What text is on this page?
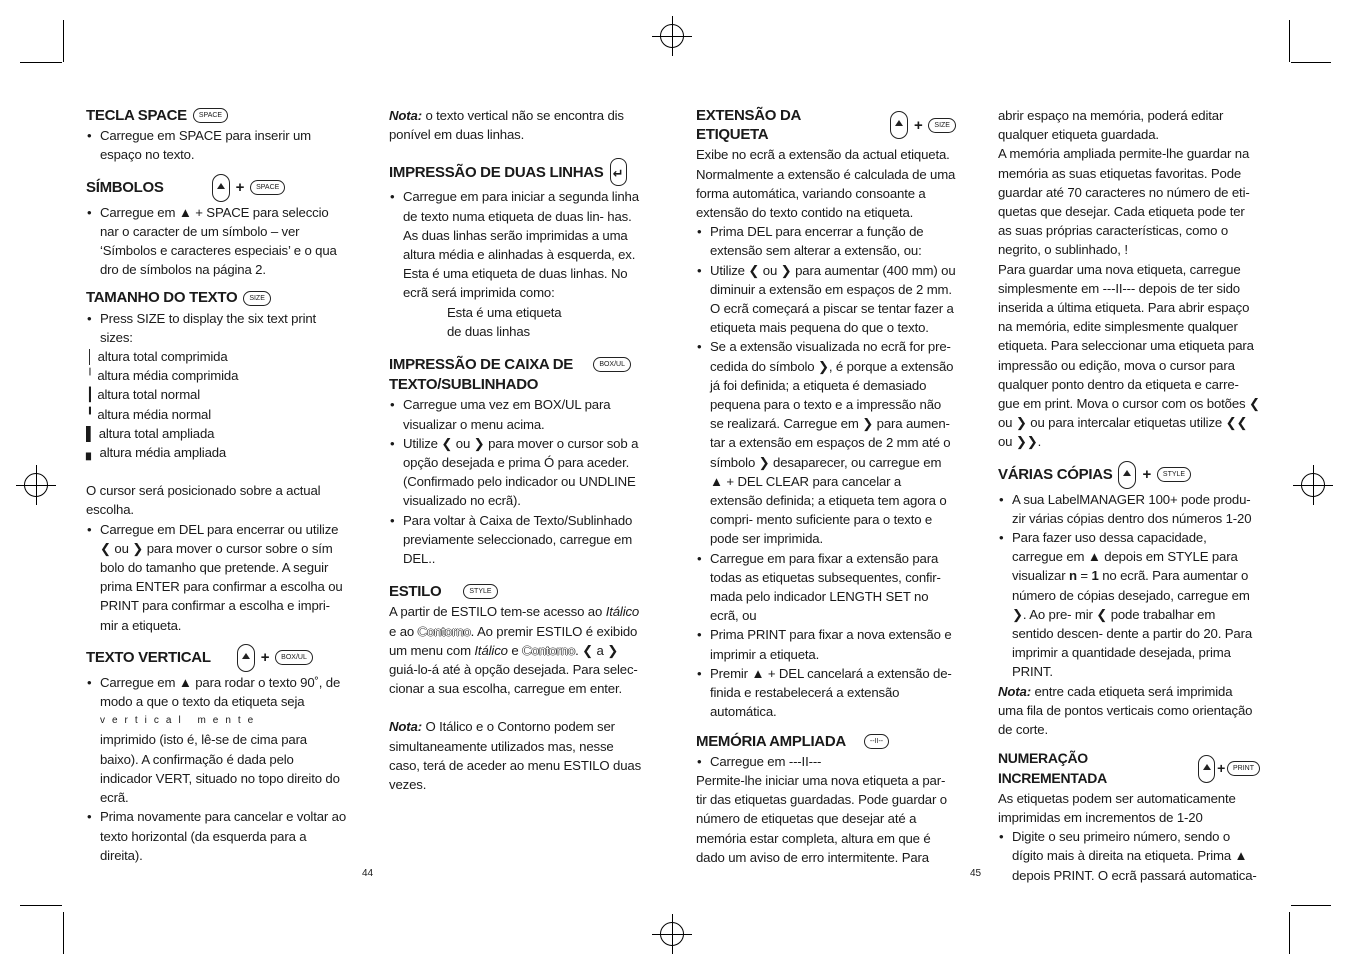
TECLA SPACE	SPACE

• Carregue em SPACE para inserir um espaço no texto.

SÍMBOLOS	+	SPACE

• Carregue em ▲ + SPACE para seleccio nar o caracter de um símbolo – ver ‘Símbolos e caracteres especiais’ e o qua dro de símbolos na página 2.

TAMANHO DO TEXTO	SIZE

• Press SIZE to display the six text print sizes:

│ altura total comprimida

╵ altura média comprimida

┃ altura total normal

╹ altura média normal

▌ altura total ampliada

▖ altura média ampliada

O cursor será posicionado sobre a actual escolha.

• Carregue em DEL para encerrar ou utilize ❮ ou ❯ para mover o cursor sobre o sím bolo do tamanho que pretende. A seguir prima ENTER para confirmar a escolha ou PRINT para confirmar a escolha e impri- mir a etiqueta.

TEXTO VERTICAL	+	BOX/UL

• Carregue em ▲ para rodar o texto 90˚, de modo a que o texto da etiqueta seja

vertical mente

imprimido (isto é, lê-se de cima para baixo). A confirmação é dada pelo indicador VERT, situado no topo direito do ecrã.

• Prima novamente para cancelar e voltar ao texto horizontal (da esquerda para a direita).

Nota: o texto vertical não se encontra dis ponível em duas linhas.

IMPRESSÃO DE DUAS LINHAS ↵

• Carregue em para iniciar a segunda linha de texto numa etiqueta de duas lin- has. As duas linhas serão imprimidas a uma altura média e alinhadas à esquerda, ex.

Esta é uma etiqueta de duas linhas. No ecrã será imprimida como:

Esta é uma etiqueta

de duas linhas

IMPRESSÃO DE CAIXA DE	BOX/UL
TEXTO/SUBLINHADO

• Carregue uma vez em BOX/UL para visualizar o menu acima.

• Utilize ❮ ou ❯ para mover o cursor sob a opção desejada e prima Ó para aceder. (Confirmado pelo indicador ou UNDLINE visualizado no ecrã).

• Para voltar à Caixa de Texto/Sublinhado previamente seleccionado, carregue em DEL..

ESTILO	STYLE

A partir de ESTILO tem-se acesso ao Itálico e ao Contorno. Ao premir ESTILO é exibido um menu com Itálico e Contorno. ❮ a ❯ guiá-lo-á até à opção desejada. Para selec- cionar a sua escolha, carregue em enter.

Nota: O Itálico e o Contorno podem ser simultaneamente utilizados mas, nesse caso, terá de aceder ao menu ESTILO duas vezes.

EXTENSÃO DA ETIQUETA
+	SIZE

Exibe no ecrã a extensão da actual etiqueta. Normalmente a extensão é calculada de uma forma automática, variando consoante a extensão do texto contido na etiqueta.

• Prima DEL para encerrar a função de extensão sem alterar a extensão, ou:

• Utilize ❮ ou ❯ para aumentar (400 mm) ou diminuir a extensão em espaços de 2 mm. O ecrã começará a piscar se tentar fazer a etiqueta mais pequena do que o texto.

• Se a extensão visualizada no ecrã for pre- cedida do símbolo ❯, é porque a extensão já foi definida; a etiqueta é demasiado pequena para o texto e a impressão não se realizará. Carregue em ❯ para aumen- tar a extensão em espaços de 2 mm até o símbolo ❯ desaparecer, ou carregue em ▲ + DEL CLEAR para cancelar a extensão definida; a etiqueta tem agora o compri- mento suficiente para o texto e pode ser imprimida.

• Carregue em para fixar a extensão para todas as etiquetas subsequentes, confir- mada pelo indicador LENGTH SET no ecrã, ou

• Prima PRINT para fixar a nova extensão e imprimir a etiqueta.

• Premir ▲ + DEL cancelará a extensão de- finida e restabelecerá a extensão automática.

MEMÓRIA AMPLIADA	--II--

• Carregue em ---II---

Permite-lhe iniciar uma nova etiqueta a par- tir das etiquetas guardadas. Pode guardar o número de etiquetas que desejar até a memória estar completa, altura em que é dado um aviso de erro intermitente. Para

abrir espaço na memória, poderá editar qualquer etiqueta guardada.

A memória ampliada permite-lhe guardar na memória as suas etiquetas favoritas. Pode guardar até 70 caracteres no número de eti- quetas que desejar. Cada etiqueta pode ter as suas próprias características, como o negrito, o sublinhado, !

Para guardar uma nova etiqueta, carregue simplesmente em ---II--- depois de ter sido inserida a última etiqueta. Para abrir espaço na memória, edite simplesmente qualquer etiqueta. Para seleccionar uma etiqueta para impressão ou edição, mova o cursor para qualquer ponto dentro da etiqueta e carre- gue em print. Mova o cursor com os botões ❮ ou ❯ ou para intercalar etiquetas utilize ❮❮ ou ❯❯.

VÁRIAS CÓPIAS +	STYLE

• A sua LabelMANAGER 100+ pode produ- zir várias cópias dentro dos números 1-20

• Para fazer uso dessa capacidade, carregue em ▲ depois em STYLE para visualizar n = 1 no ecrã. Para aumentar o número de cópias desejado, carregue em ❯. Ao pre- mir ❮ pode trabalhar em sentido descen- dente a partir do 20. Para imprimir a quantidade desejada, prima PRINT.

Nota: entre cada etiqueta será imprimida uma fila de pontos verticais como orientação de corte.

NUMERAÇÃO INCREMENTADA
+	PRINT

As etiquetas podem ser automaticamente imprimidas em incrementos de 1-20

• Digite o seu primeiro número, sendo o dígito mais à direita na etiqueta. Prima ▲ depois PRINT. O ecrã passará automatica-

44	45
